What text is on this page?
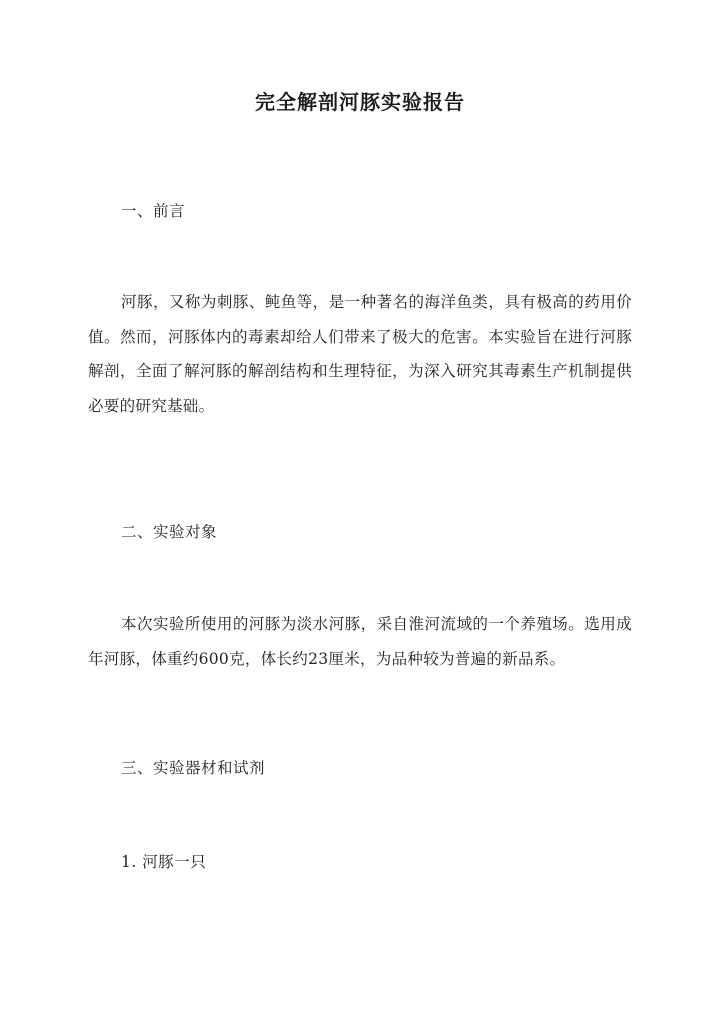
完全解剖河豚实验报告
一、前言
河豚，又称为刺豚、鲀鱼等，是一种著名的海洋鱼类，具有极高的药用价值。然而，河豚体内的毒素却给人们带来了极大的危害。本实验旨在进行河豚解剖，全面了解河豚的解剖结构和生理特征，为深入研究其毒素生产机制提供必要的研究基础。
二、实验对象
本次实验所使用的河豚为淡水河豚，采自淮河流域的一个养殖场。选用成年河豚，体重约600克，体长约23厘米，为品种较为普遍的新品系。
三、实验器材和试剂
1. 河豚一只
